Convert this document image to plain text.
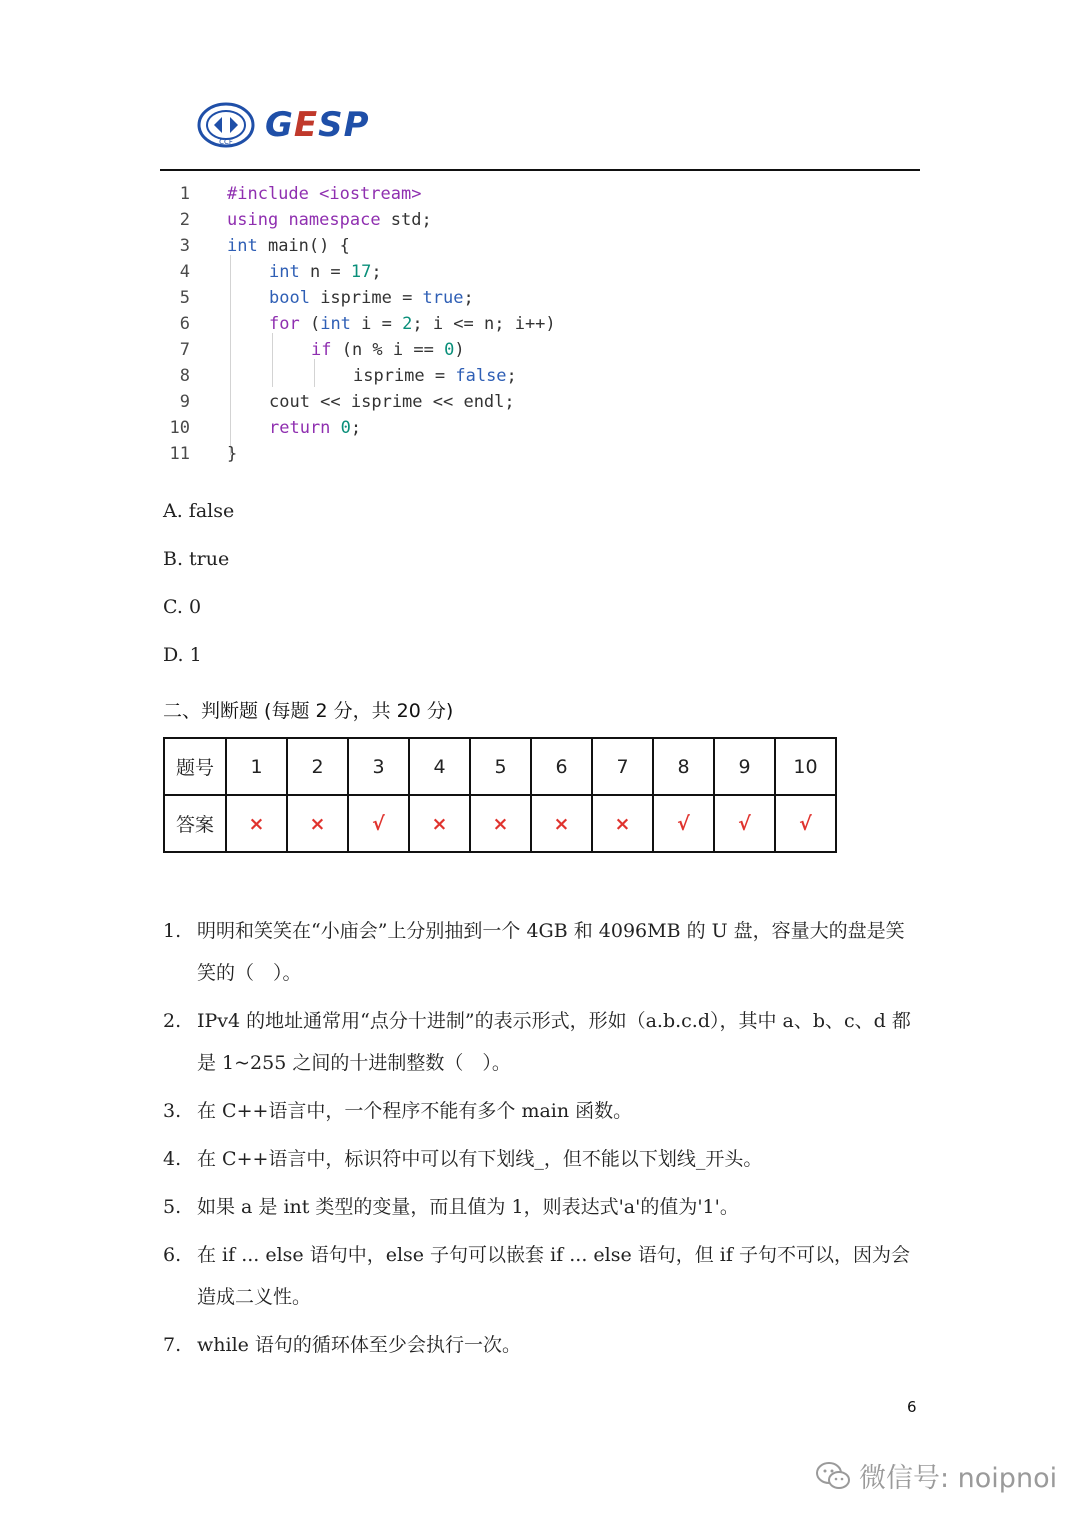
CCF GESP
1 #include <iostream>
2 using namespace std;
3 int main() {
4	int n = 17;
5	bool isprime = true;
6	for (int i = 2; i <= n; i++)
7	if (n % i == 0)
8	isprime = false;
9	cout << isprime << endl;
10	return 0;
11 }
A. false
B. true
C. 0
D. 1
二、判断题 (每题 2 分，共 20 分)
题号	1	2	3	4	5	6	7	8	9	10
答案	×	×	√	×	×	×	×	√	√	√
1. 明明和笑笑在“小庙会”上分别抽到一个 4GB 和 4096MB 的 U 盘，容量大的盘是笑笑的（　）。
2. IPv4 的地址通常用“点分十进制”的表示形式，形如（a.b.c.d），其中 a、b、c、d 都是 1~255 之间的十进制整数（　）。
3. 在 C++语言中，一个程序不能有多个 main 函数。
4. 在 C++语言中，标识符中可以有下划线_，但不能以下划线_开头。
5. 如果 a 是 int 类型的变量，而且值为 1，则表达式'a'的值为'1'。
6. 在 if ... else 语句中，else 子句可以嵌套 if ... else 语句，但 if 子句不可以，因为会造成二义性。
7. while 语句的循环体至少会执行一次。
6
微信号: noipnoi
